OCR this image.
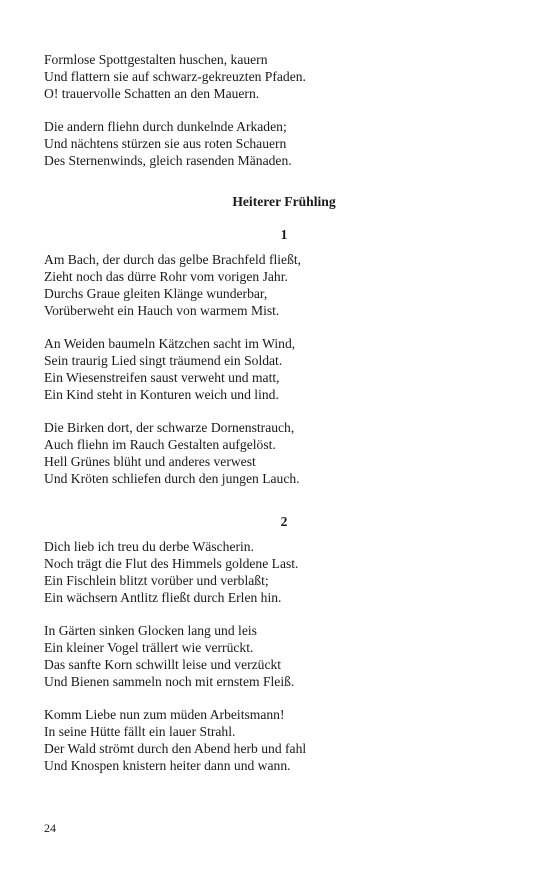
Formlose Spottgestalten huschen, kauern
Und flattern sie auf schwarz-gekreuzten Pfaden.
O! trauervolle Schatten an den Mauern.
Die andern fliehn durch dunkelnde Arkaden;
Und nächtens stürzen sie aus roten Schauern
Des Sternenwinds, gleich rasenden Mänaden.
Heiterer Frühling
1
Am Bach, der durch das gelbe Brachfeld fließt,
Zieht noch das dürre Rohr vom vorigen Jahr.
Durchs Graue gleiten Klänge wunderbar,
Vorüberweht ein Hauch von warmem Mist.
An Weiden baumeln Kätzchen sacht im Wind,
Sein traurig Lied singt träumend ein Soldat.
Ein Wiesenstreifen saust verweht und matt,
Ein Kind steht in Konturen weich und lind.
Die Birken dort, der schwarze Dornenstrauch,
Auch fliehn im Rauch Gestalten aufgelöst.
Hell Grünes blüht und anderes verwest
Und Kröten schliefen durch den jungen Lauch.
2
Dich lieb ich treu du derbe Wäscherin.
Noch trägt die Flut des Himmels goldene Last.
Ein Fischlein blitzt vorüber und verblaßt;
Ein wächsern Antlitz fließt durch Erlen hin.
In Gärten sinken Glocken lang und leis
Ein kleiner Vogel trällert wie verrückt.
Das sanfte Korn schwillt leise und verzückt
Und Bienen sammeln noch mit ernstem Fleiß.
Komm Liebe nun zum müden Arbeitsmann!
In seine Hütte fällt ein lauer Strahl.
Der Wald strömt durch den Abend herb und fahl
Und Knospen knistern heiter dann und wann.
24
